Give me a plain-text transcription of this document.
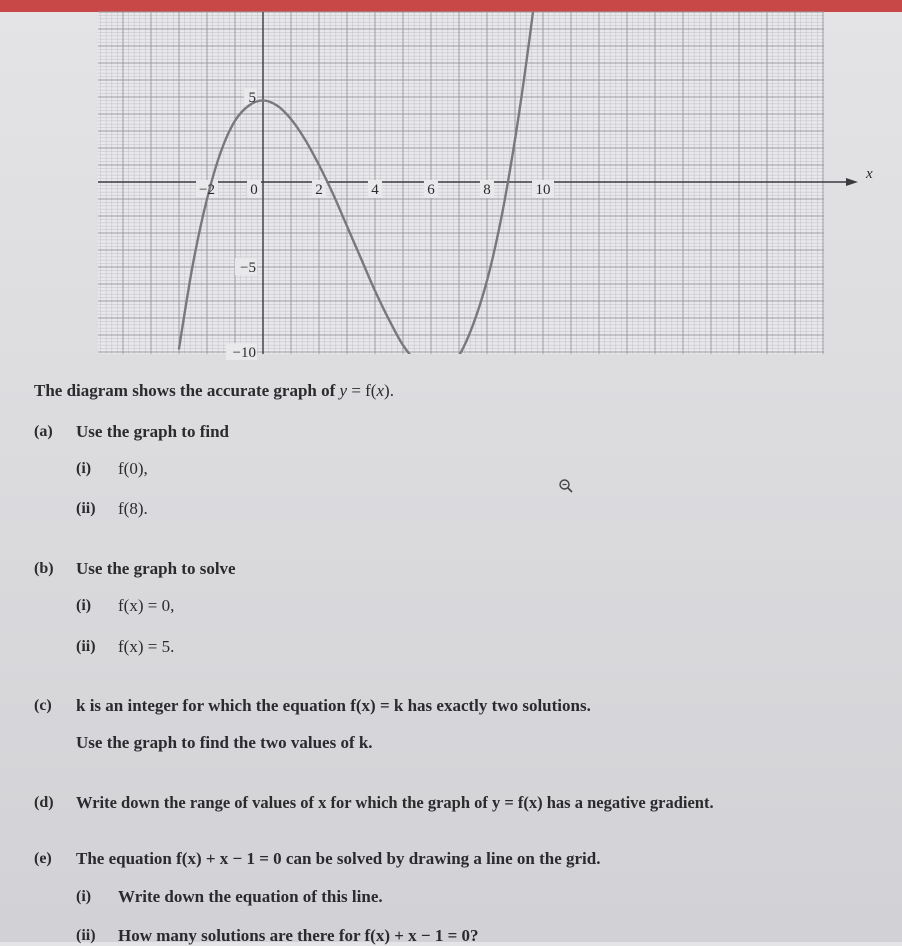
−2 0	2	4	6	8	10
5
−5
−10
x
The diagram shows the accurate graph of y = f(x).
(a) Use the graph to find
(i) f(0),
(ii) f(8).
(b) Use the graph to solve
(i) f(x) = 0,
(ii) f(x) = 5.
(c) k is an integer for which the equation f(x) = k has exactly two solutions.
Use the graph to find the two values of k.
(d) Write down the range of values of x for which the graph of y = f(x) has a negative gradient.
(e) The equation f(x) + x − 1 = 0 can be solved by drawing a line on the grid.
(i) Write down the equation of this line.
(ii) How many solutions are there for f(x) + x − 1 = 0?
